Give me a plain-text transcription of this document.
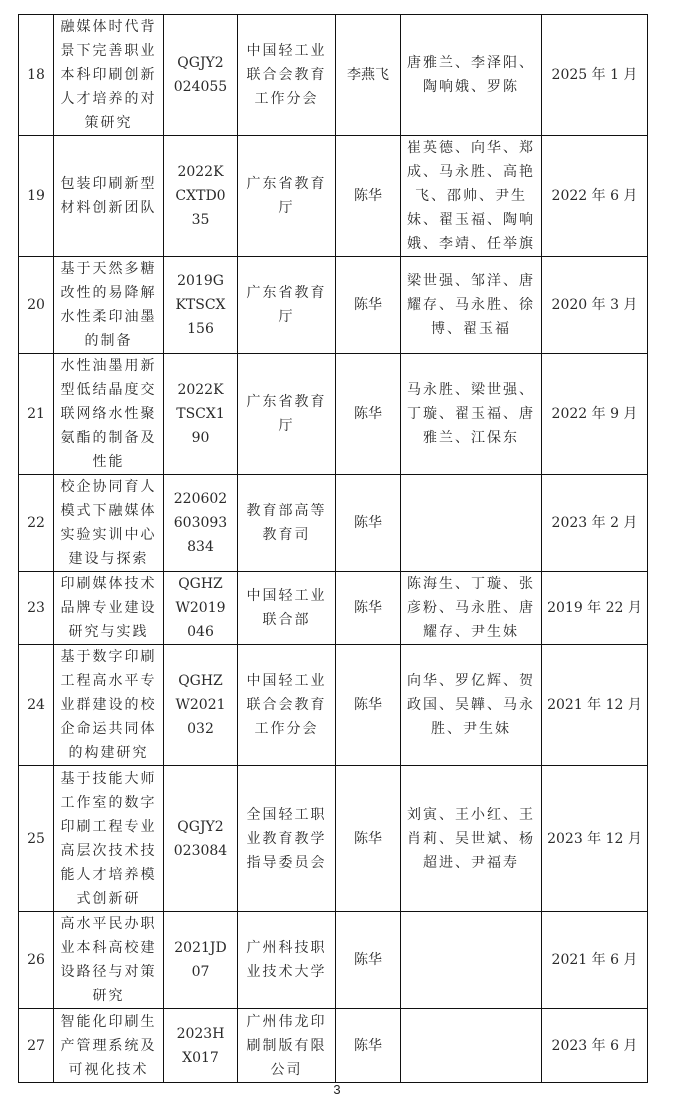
18	融媒体时代背景下完善职业本科印刷创新人才培养的对策研究	QGJY2024055	中国轻工业联合会教育工作分会	李燕飞	唐雅兰、李泽阳、陶响娥、罗陈	2025 年 1 月
19	包装印刷新型材料创新团队	2022KCXTD035	广东省教育厅	陈华	崔英德、向华、郑成、马永胜、高艳飞、邵帅、尹生妹、翟玉福、陶响娥、李靖、任举旗	2022 年 6 月
20	基于天然多糖改性的易降解水性柔印油墨的制备	2019GKTSCX156	广东省教育厅	陈华	梁世强、邹洋、唐耀存、马永胜、徐博、翟玉福	2020 年 3 月
21	水性油墨用新型低结晶度交联网络水性聚氨酯的制备及性能	2022KTSCX190	广东省教育厅	陈华	马永胜、梁世强、丁璇、翟玉福、唐雅兰、江保东	2022 年 9 月
22	校企协同育人模式下融媒体实验实训中心建设与探索	220602603093834	教育部高等教育司	陈华		2023 年 2 月
23	印刷媒体技术品牌专业建设研究与实践	QGHZW2019046	中国轻工业联合部	陈华	陈海生、丁璇、张彦粉、马永胜、唐耀存、尹生妹	2019 年 22 月
24	基于数字印刷工程高水平专业群建设的校企命运共同体的构建研究	QGHZW2021032	中国轻工业联合会教育工作分会	陈华	向华、罗亿辉、贺政国、吴韡、马永胜、尹生妹	2021 年 12 月
25	基于技能大师工作室的数字印刷工程专业高层次技术技能人才培养模式创新研	QGJY2023084	全国轻工职业教育教学指导委员会	陈华	刘寅、王小红、王肖莉、吴世斌、杨超进、尹福寿	2023 年 12 月
26	高水平民办职业本科高校建设路径与对策研究	2021JD07	广州科技职业技术大学	陈华		2021 年 6 月
27	智能化印刷生产管理系统及可视化技术	2023HX017	广州伟龙印刷制版有限公司	陈华		2023 年 6 月
3
